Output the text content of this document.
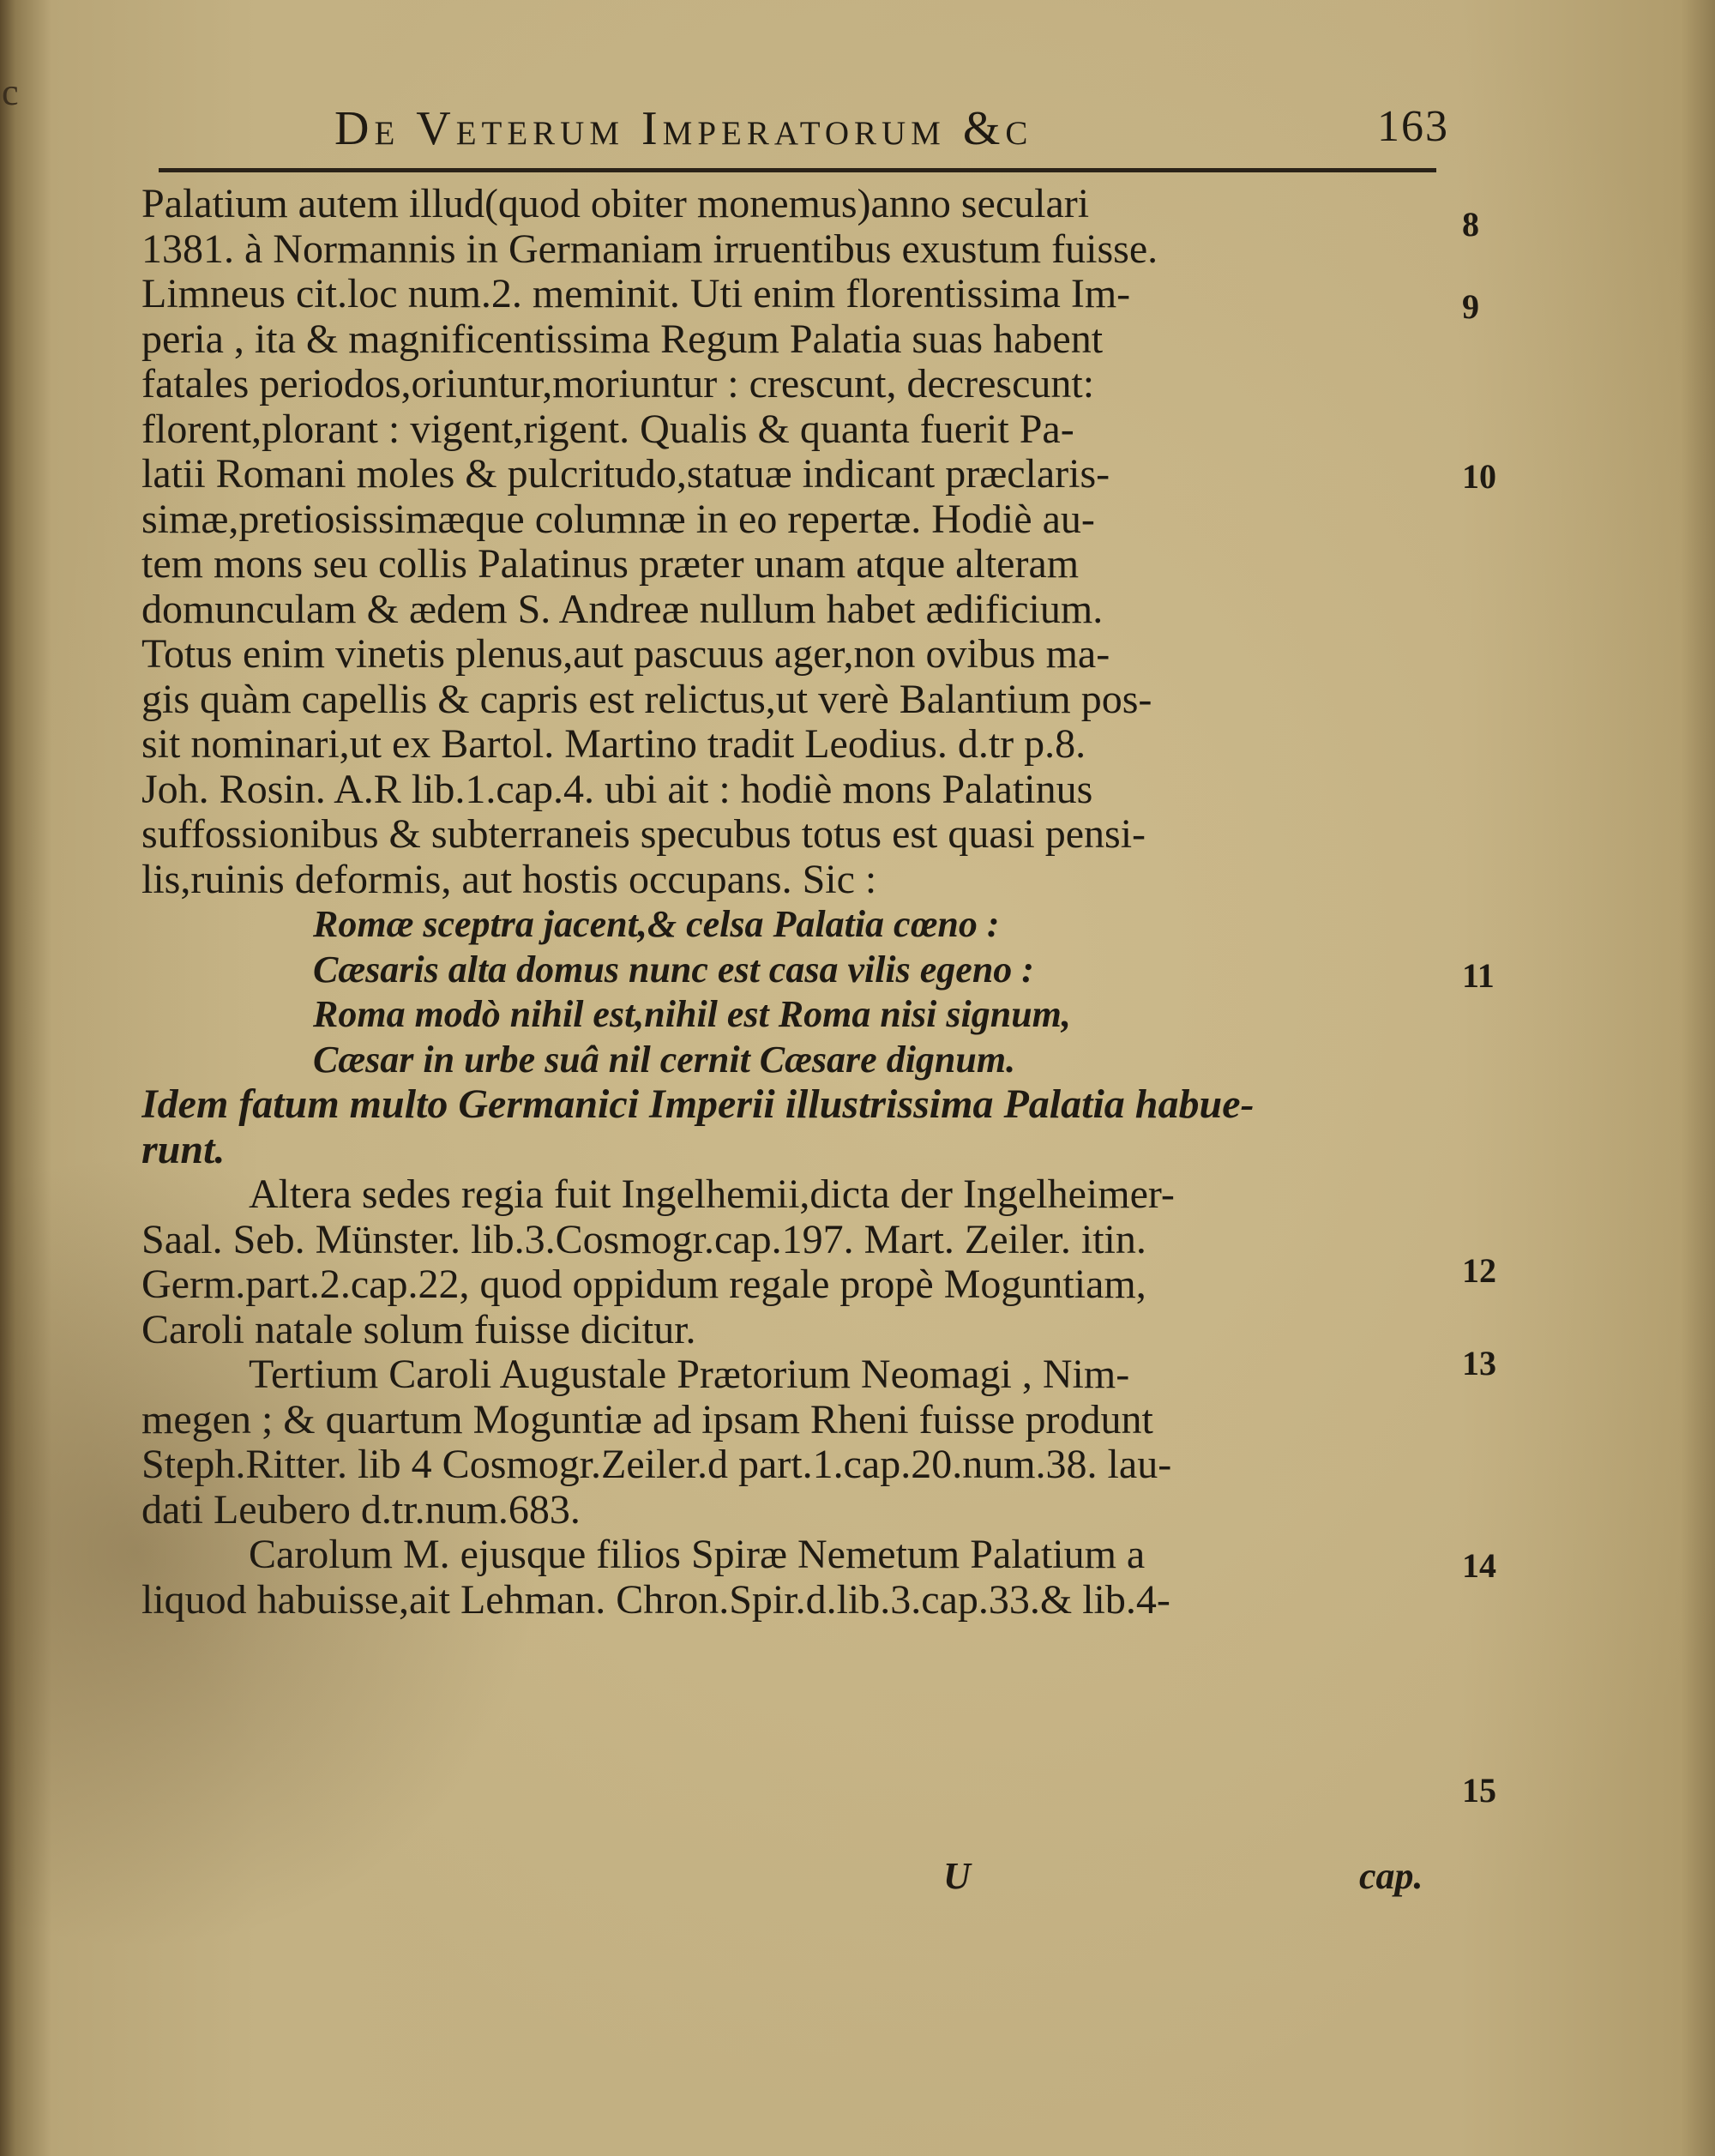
c
De Veterum Imperatorum &c	163
Palatium autem illud(quod obiter monemus)anno seculari
1381. à Normannis in Germaniam irruentibus exustum fuisse.
Limneus cit.loc num.2. meminit. Uti enim florentissima Im-
peria , ita & magnificentissima Regum Palatia suas habent
fatales periodos,oriuntur,moriuntur : crescunt, decrescunt:
florent,plorant : vigent,rigent. Qualis & quanta fuerit Pa-
latii Romani moles & pulcritudo,statuæ indicant præclaris-
simæ,pretiosissimæque columnæ in eo repertæ. Hodiè au-
tem mons seu collis Palatinus præter unam atque alteram
domunculam & ædem S. Andreæ nullum habet ædificium.
Totus enim vinetis plenus,aut pascuus ager,non ovibus ma-
gis quàm capellis & capris est relictus,ut verè Balantium pos-
sit nominari,ut ex Bartol. Martino tradit Leodius. d.tr p.8.
Joh. Rosin. A.R lib.1.cap.4. ubi ait : hodiè mons Palatinus
suffossionibus & subterraneis specubus totus est quasi pensi-
lis,ruinis deformis, aut hostis occupans. Sic :
Romæ sceptra jacent,& celsa Palatia cœno :
Cæsaris alta domus nunc est casa vilis egeno :
Roma modò nihil est,nihil est Roma nisi signum,
Cæsar in urbe suâ nil cernit Cæsare dignum.
Idem fatum multo Germanici Imperii illustrissima Palatia habue-
runt.
Altera sedes regia fuit Ingelhemii,dicta der Ingelheimer-
Saal. Seb. Münster. lib.3.Cosmogr.cap.197. Mart. Zeiler. itin.
Germ.part.2.cap.22, quod oppidum regale propè Moguntiam,
Caroli natale solum fuisse dicitur.
Tertium Caroli Augustale Prætorium Neomagi , Nim-
megen ; & quartum Moguntiæ ad ipsam Rheni fuisse produnt
Steph.Ritter. lib 4 Cosmogr.Zeiler.d part.1.cap.20.num.38. lau-
dati Leubero d.tr.num.683.
Carolum M. ejusque filios Spiræ Nemetum Palatium a
liquod habuisse,ait Lehman. Chron.Spir.d.lib.3.cap.33.& lib.4-
8
9
10
11
12
13
14
15
U	cap.
